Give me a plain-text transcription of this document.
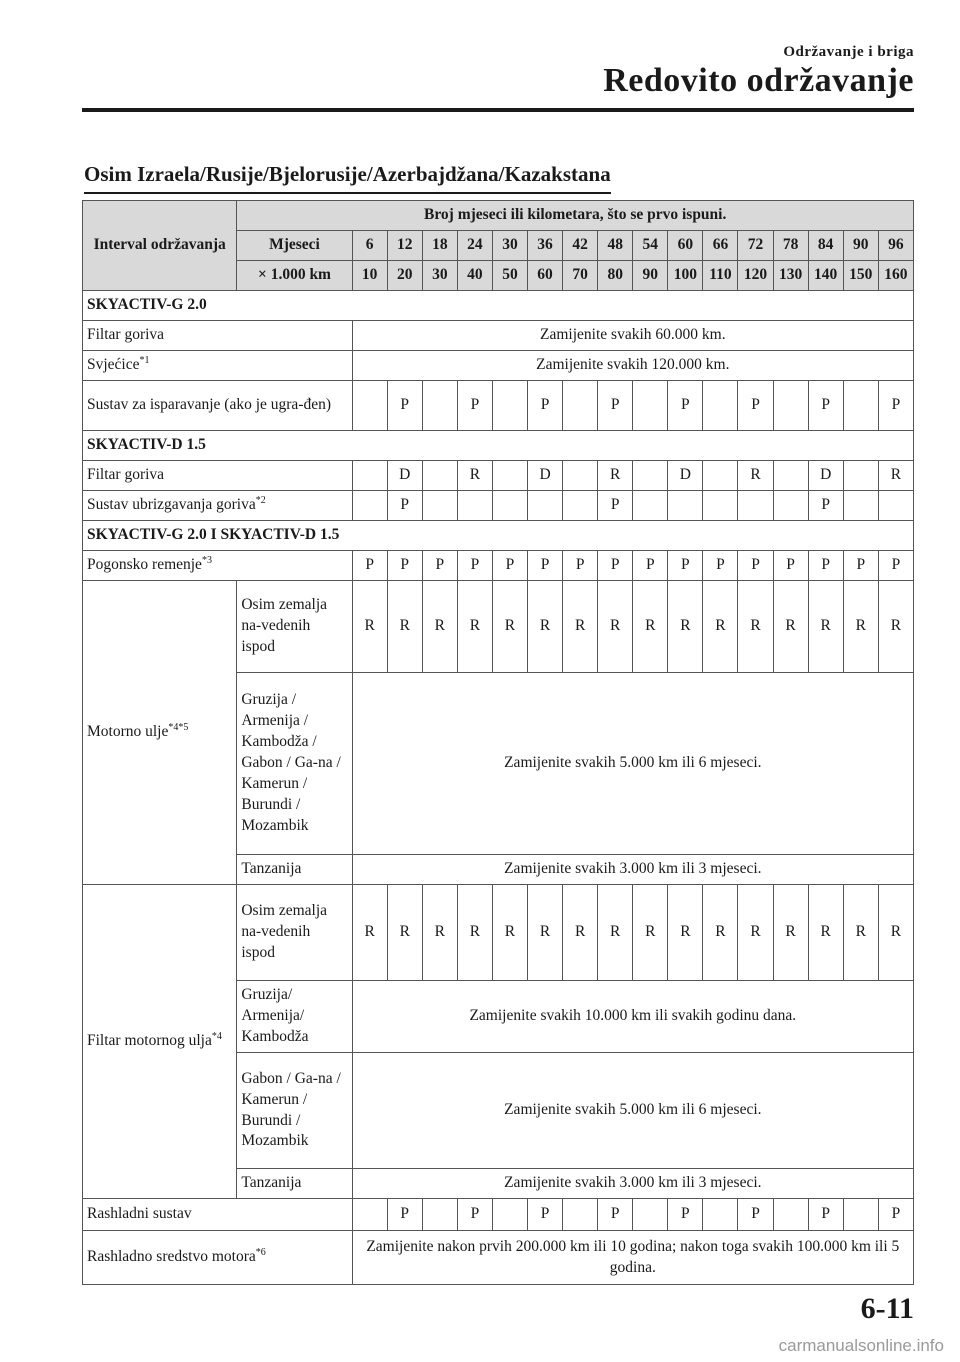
Održavanje i briga
Redovito održavanje
Osim Izraela/Rusije/Bjelorusije/Azerbajdžana/Kazakstana
Interval održavanja	Broj mjeseci ili kilometara, što se prvo ispuni.																
	Mjeseci	6	12	18	24	30	36	42	48	54	60	66	72	78	84	90	96
	× 1.000 km	10	20	30	40	50	60	70	80	90	100	110	120	130	140	150	160
SKYACTIV-G 2.0																	
Filtar goriva		Zamijenite svakih 60.000 km.															
Svjećice$^{*1}$		Zamijenite svakih 120.000 km.															
Sustav za isparavanje (ako je ugra-đen)			P		P		P		P		P		P		P		P
SKYACTIV-D 1.5																	
Filtar goriva			D		R		D		R		D		R		D		R
Sustav ubrizgavanja goriva$^{*2}$			P						P						P		
SKYACTIV-G 2.0 I SKYACTIV-D 1.5																	
Pogonsko remenje$^{*3}$		P	P	P	P	P	P	P	P	P	P	P	P	P	P	P	P
Motorno ulje$^{*4*5}$	Osim zemalja na-vedenih ispod	R	R	R	R	R	R	R	R	R	R	R	R	R	R	R	R
	Gruzija / Armenija / Kambodža / Gabon / Ga-na / Kamerun / Burundi / Mozambik	Zamijenite svakih 5.000 km ili 6 mjeseci.															
	Tanzanija	Zamijenite svakih 3.000 km ili 3 mjeseci.															
Filtar motornog ulja$^{*4}$	Osim zemalja na-vedenih ispod	R	R	R	R	R	R	R	R	R	R	R	R	R	R	R	R
	Gruzija/ Armenija/ Kambodža	Zamijenite svakih 10.000 km ili svakih godinu dana.															
	Gabon / Ga-na / Kamerun / Burundi / Mozambik	Zamijenite svakih 5.000 km ili 6 mjeseci.															
	Tanzanija	Zamijenite svakih 3.000 km ili 3 mjeseci.															
Rashladni sustav			P		P		P		P		P		P		P		P
Rashladno sredstvo motora$^{*6}$		Zamijenite nakon prvih 200.000 km ili 10 godina; nakon toga svakih 100.000 km ili 5 godina.															
6-11
carmanualsonline.info
